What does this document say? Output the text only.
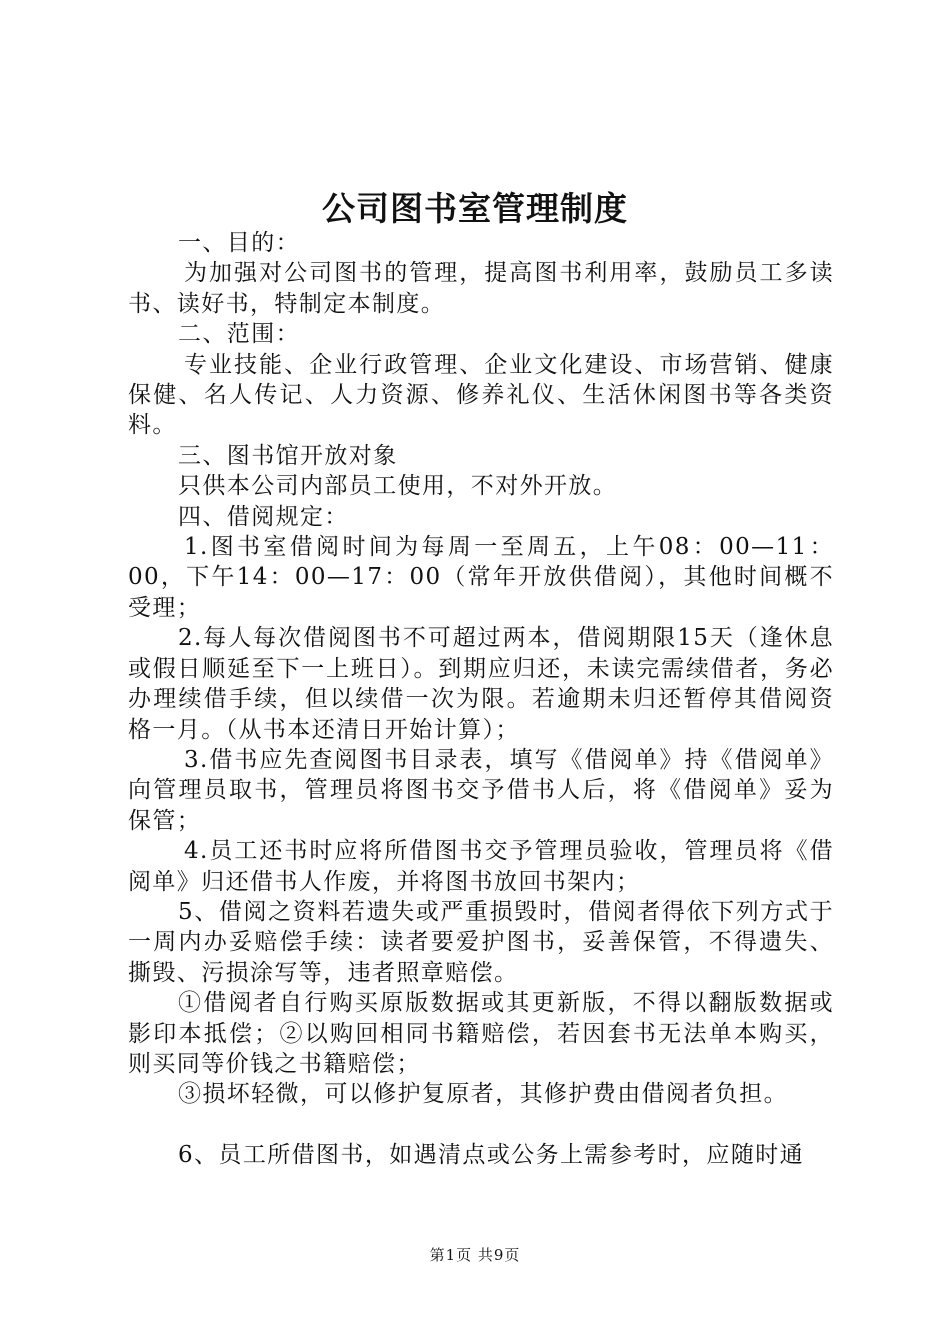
公司图书室管理制度

一、目的：

为加强对公司图书的管理，提高图书利用率，鼓励员工多读书、读好书，特制定本制度。

二、范围：

专业技能、企业行政管理、企业文化建设、市场营销、健康保健、名人传记、人力资源、修养礼仪、生活休闲图书等各类资料。

三、图书馆开放对象

只供本公司内部员工使用，不对外开放。

四、借阅规定：

1.图书室借阅时间为每周一至周五，上午08：00—11：00，下午14：00—17：00（常年开放供借阅），其他时间概不受理；

2.每人每次借阅图书不可超过两本，借阅期限15天（逢休息或假日顺延至下一上班日）。到期应归还，未读完需续借者，务必办理续借手续，但以续借一次为限。若逾期未归还暂停其借阅资格一月。（从书本还清日开始计算）；

3.借书应先查阅图书目录表，填写《借阅单》持《借阅单》向管理员取书，管理员将图书交予借书人后，将《借阅单》妥为保管；

4.员工还书时应将所借图书交予管理员验收，管理员将《借阅单》归还借书人作废，并将图书放回书架内；

5、借阅之资料若遗失或严重损毁时，借阅者得依下列方式于一周内办妥赔偿手续：读者要爱护图书，妥善保管，不得遗失、撕毁、污损涂写等，违者照章赔偿。

①借阅者自行购买原版数据或其更新版，不得以翻版数据或影印本抵偿；②以购回相同书籍赔偿，若因套书无法单本购买，则买同等价钱之书籍赔偿；

③损坏轻微，可以修护复原者，其修护费由借阅者负担。

6、员工所借图书，如遇清点或公务上需参考时，应随时通

第1页 共9页
